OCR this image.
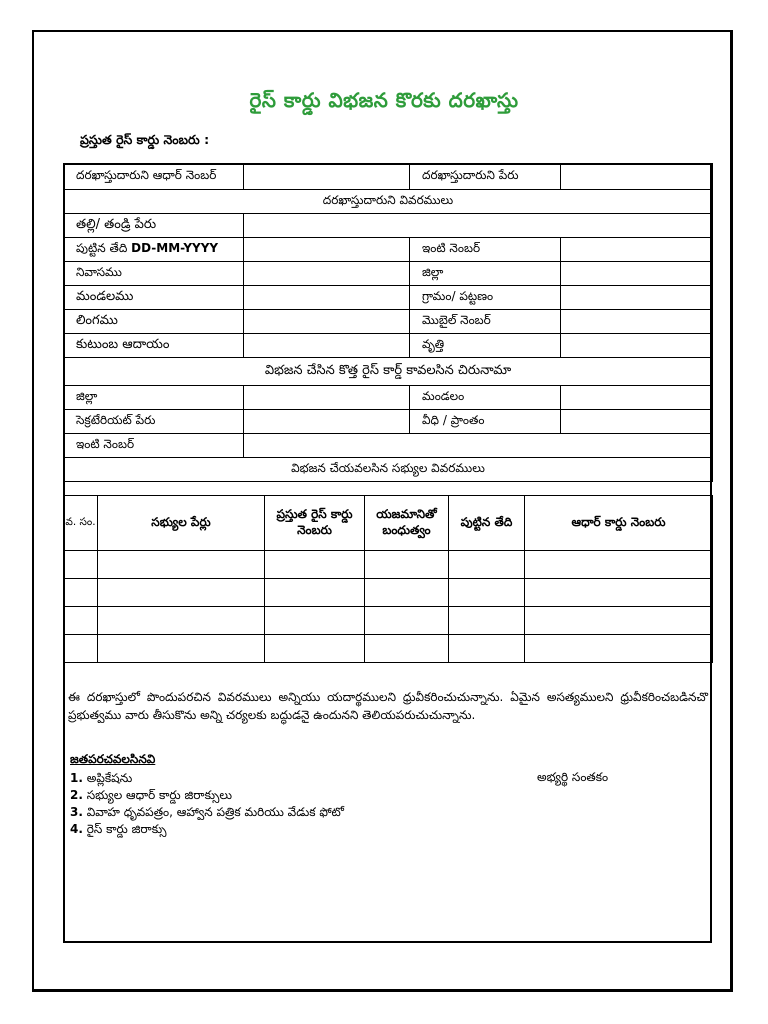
రైస్ కార్డు విభజన కొరకు దరఖాస్తు
ప్రస్తుత రైస్ కార్డు నెంబరు :
దరఖాస్తుదారుని ఆధార్ నెంబర్		దరఖాస్తుదారుని పేరు	
దరఖాస్తుదారుని వివరములు			
తల్లి/ తండ్రి పేరు			
పుట్టిన తేది DD-MM-YYYY		ఇంటి నెంబర్	
నివాసము		జిల్లా	
మండలము		గ్రామం/ పట్టణం	
లింగము		మొబైల్ నెంబర్	
కుటుంబ ఆదాయం		వృత్తి	
విభజన చేసిన కొత్త రైస్ కార్డ్ కావలసిన చిరునామా			
జిల్లా		మండలం	
సెక్రటేరియట్ పేరు		వీధి / ప్రాంతం	
ఇంటి నెంబర్			
విభజన చేయవలసిన సభ్యుల వివరములు			
వ. సం.	సభ్యుల పేర్లు	ప్రస్తుత రైస్ కార్డు నెంబరు	యజమానితో బంధుత్వం	పుట్టిన తేది	ఆధార్ కార్డు నెంబరు

ఈ దరఖాస్తులో పొందుపరచిన వివరములు అన్నియు యదార్థములని ధ్రువీకరించుచున్నాను. ఏమైన అసత్యములని ధ్రువీకరించబడినచొ ప్రభుత్వము వారు తీసుకొను అన్ని చర్యలకు బద్ధుడనై ఉందునని తెలియపరుచుచున్నాను.
జతపరచవలసినవి
1. అప్లికేషను
2. సభ్యుల ఆధార్ కార్డు జిరాక్సులు
3. వివాహ ధృవపత్రం, ఆహ్వాన పత్రిక మరియు వేడుక ఫోటో
4. రైస్ కార్డు జిరాక్సు
అభ్యర్థి సంతకం
